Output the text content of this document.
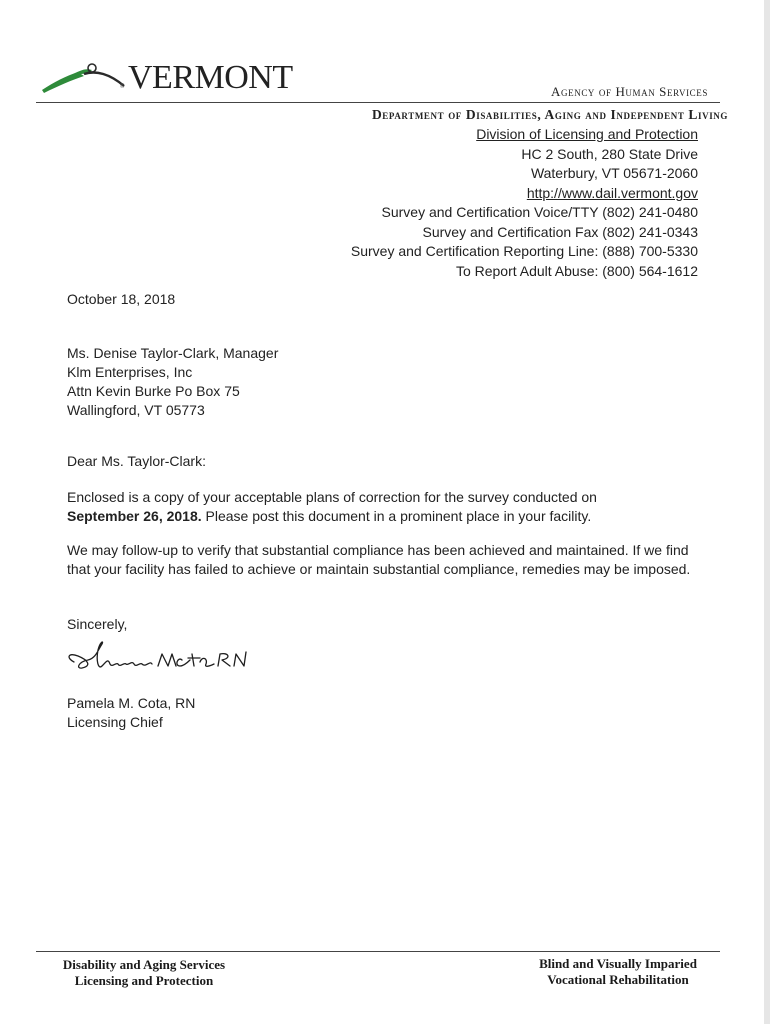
® VERMONT	Agency of Human Services
Department of Disabilities, Aging and Independent Living
Division of Licensing and Protection
HC 2 South, 280 State Drive
Waterbury, VT 05671-2060
http://www.dail.vermont.gov
Survey and Certification Voice/TTY (802) 241-0480
Survey and Certification Fax (802) 241-0343
Survey and Certification Reporting Line: (888) 700-5330
To Report Adult Abuse: (800) 564-1612
October 18, 2018
Ms. Denise Taylor-Clark, Manager
Klm Enterprises, Inc
Attn Kevin Burke Po Box 75
Wallingford, VT 05773
Dear Ms. Taylor-Clark:
Enclosed is a copy of your acceptable plans of correction for the survey conducted on
September 26, 2018. Please post this document in a prominent place in your facility.
We may follow-up to verify that substantial compliance has been achieved and maintained. If we find that your facility has failed to achieve or maintain substantial compliance, remedies may be imposed.
Sincerely,
Pamela M. Cota, RN
Licensing Chief
Disability and Aging Services
Licensing and Protection
Blind and Visually Imparied
Vocational Rehabilitation
